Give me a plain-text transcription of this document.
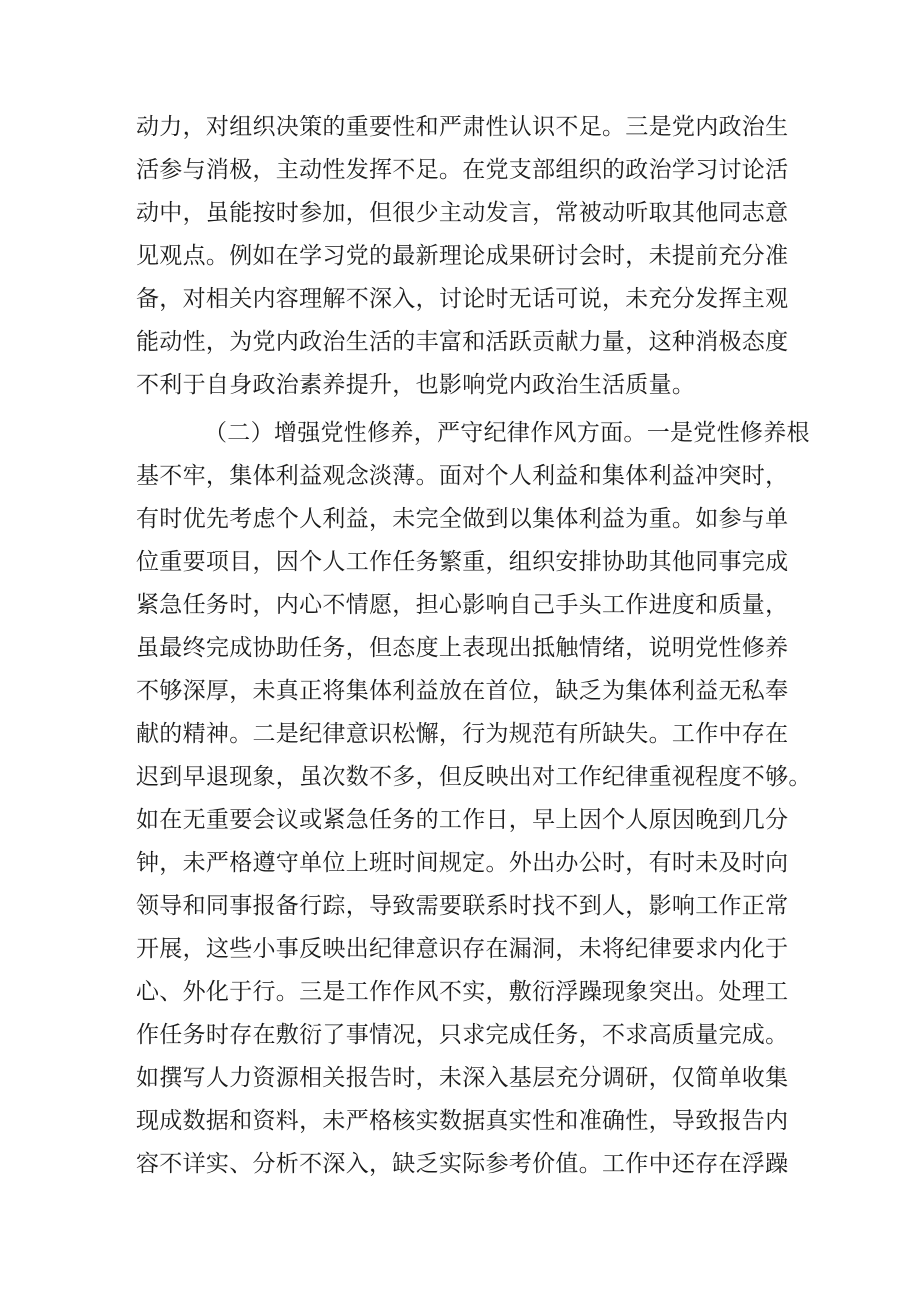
动力，对组织决策的重要性和严肃性认识不足。三是党内政治生
活参与消极，主动性发挥不足。在党支部组织的政治学习讨论活
动中，虽能按时参加，但很少主动发言，常被动听取其他同志意
见观点。例如在学习党的最新理论成果研讨会时，未提前充分准
备，对相关内容理解不深入，讨论时无话可说，未充分发挥主观
能动性，为党内政治生活的丰富和活跃贡献力量，这种消极态度
不利于自身政治素养提升，也影响党内政治生活质量。
（二）增强党性修养，严守纪律作风方面。一是党性修养根
基不牢，集体利益观念淡薄。面对个人利益和集体利益冲突时，
有时优先考虑个人利益，未完全做到以集体利益为重。如参与单
位重要项目，因个人工作任务繁重，组织安排协助其他同事完成
紧急任务时，内心不情愿，担心影响自己手头工作进度和质量，
虽最终完成协助任务，但态度上表现出抵触情绪，说明党性修养
不够深厚，未真正将集体利益放在首位，缺乏为集体利益无私奉
献的精神。二是纪律意识松懈，行为规范有所缺失。工作中存在
迟到早退现象，虽次数不多，但反映出对工作纪律重视程度不够。
如在无重要会议或紧急任务的工作日，早上因个人原因晚到几分
钟，未严格遵守单位上班时间规定。外出办公时，有时未及时向
领导和同事报备行踪，导致需要联系时找不到人，影响工作正常
开展，这些小事反映出纪律意识存在漏洞，未将纪律要求内化于
心、外化于行。三是工作作风不实，敷衍浮躁现象突出。处理工
作任务时存在敷衍了事情况，只求完成任务，不求高质量完成。
如撰写人力资源相关报告时，未深入基层充分调研，仅简单收集
现成数据和资料，未严格核实数据真实性和准确性，导致报告内
容不详实、分析不深入，缺乏实际参考价值。工作中还存在浮躁
